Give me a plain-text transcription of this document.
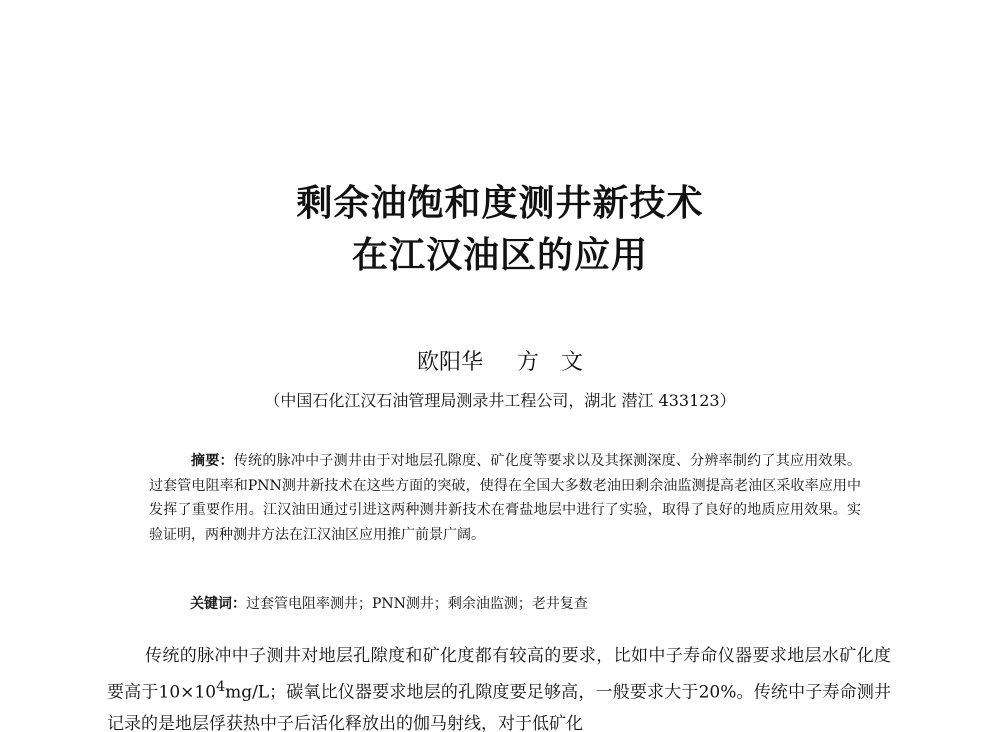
剩余油饱和度测井新技术
在江汉油区的应用
欧阳华 方　文
（中国石化江汉石油管理局测录井工程公司，湖北 潜江 433123）

摘要：传统的脉冲中子测井由于对地层孔隙度、矿化度等要求以及其探测深度、分辨率制约了其应用效果。过套管电阻率和PNN测井新技术在这些方面的突破，使得在全国大多数老油田剩余油监测提高老油区采收率应用中发挥了重要作用。江汉油田通过引进这两种测井新技术在膏盐地层中进行了实验，取得了良好的地质应用效果。实验证明，两种测井方法在江汉油区应用推广前景广阔。

关键词：过套管电阻率测井；PNN测井；剩余油监测；老井复查

传统的脉冲中子测井对地层孔隙度和矿化度都有较高的要求，比如中子寿命仪器要求地层水矿化度要高于$10\times 10^4mg/L$；碳氧比仪器要求地层的孔隙度要足够高，一般要求大于20%。传统中子寿命测井记录的是地层俘获热中子后活化释放出的伽马射线，对于低矿化
